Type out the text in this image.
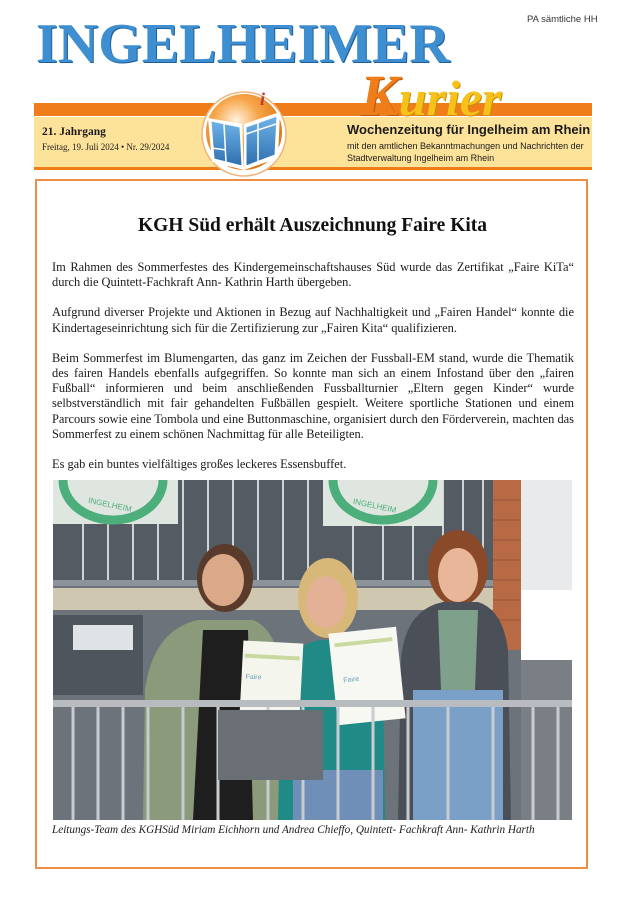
PA sämtliche HH
INGELHEIMER
Kurier
i
21. Jahrgang
Freitag, 19. Juli 2024 • Nr. 29/2024
Wochenzeitung für Ingelheim am Rhein
mit den amtlichen Bekanntmachungen und Nachrichten der Stadtverwaltung Ingelheim am Rhein
KGH Süd erhält Auszeichnung Faire Kita

Im Rahmen des Sommerfestes des Kindergemeinschaftshauses Süd wurde das Zertifikat „Faire KiTa“ durch die Quintett-Fachkraft Ann- Kathrin Harth übergeben.

Aufgrund diverser Projekte und Aktionen in Bezug auf Nachhaltigkeit und „Fairen Handel“ konnte die Kindertageseinrichtung sich für die Zertifizierung zur „Fairen Kita“ qualifizieren.

Beim Sommerfest im Blumengarten, das ganz im Zeichen der Fussball-EM stand, wurde die Thematik des fairen Handels ebenfalls aufgegriffen. So konnte man sich an einem Infostand über den „fairen Fußball“ informieren und beim anschließenden Fussballturnier „Eltern gegen Kinder“ wurde selbstverständlich mit fair gehandelten Fußbällen gespielt. Weitere sportliche Stationen und einem Parcours sowie eine Tombola und eine Buttonmaschine, organisiert durch den Förderverein, machten das Sommerfest zu einem schönen Nachmittag für alle Beteiligten.

Es gab ein buntes vielfältiges großes leckeres Essensbuffet.

INGELHEIM	INGELHEIM
Faire	Faire
Leitungs-Team des KGHSüd Miriam Eichhorn und Andrea Chieffo, Quintett- Fachkraft Ann- Kathrin Harth
